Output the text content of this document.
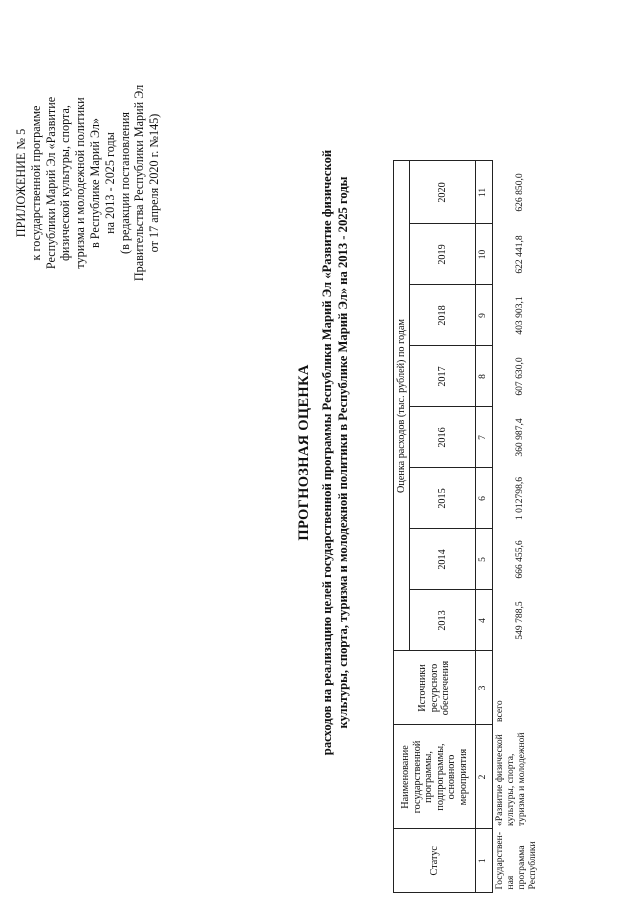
ПРИЛОЖЕНИЕ № 5 к государственной программе Республики Марий Эл «Развитие физической культуры, спорта, туризма и молодежной политики в Республике Марий Эл» на 2013 - 2025 годы (в редакции постановления Правительства Республики Марий Эл от 17 апреля 2020 г. №145)
ПРОГНОЗНАЯ ОЦЕНКА расходов на реализацию целей государственной программы Республики Марий Эл «Развитие физической культуры, спорта, туризма и молодежной политики в Республике Марий Эл» на 2013 - 2025 годы
Статус	Наименование государственной программы, подпрограммы, основного мероприятия	Источники ресурсного обеспечения	Оценка расходов (тыс. рублей) по годам							
			2013	2014	2015	2016	2017	2018	2019	2020
1	2	3	4	5	6	7	8	9	10	11
Государствен-ная программа Республики	«Развитие физической культуры, спорта, туризма и молодежной	всего	549 788,5	666 455,6	1 012798,6	360 987,4	607 630,0	403 903,1	622 441,8	626 850,0
